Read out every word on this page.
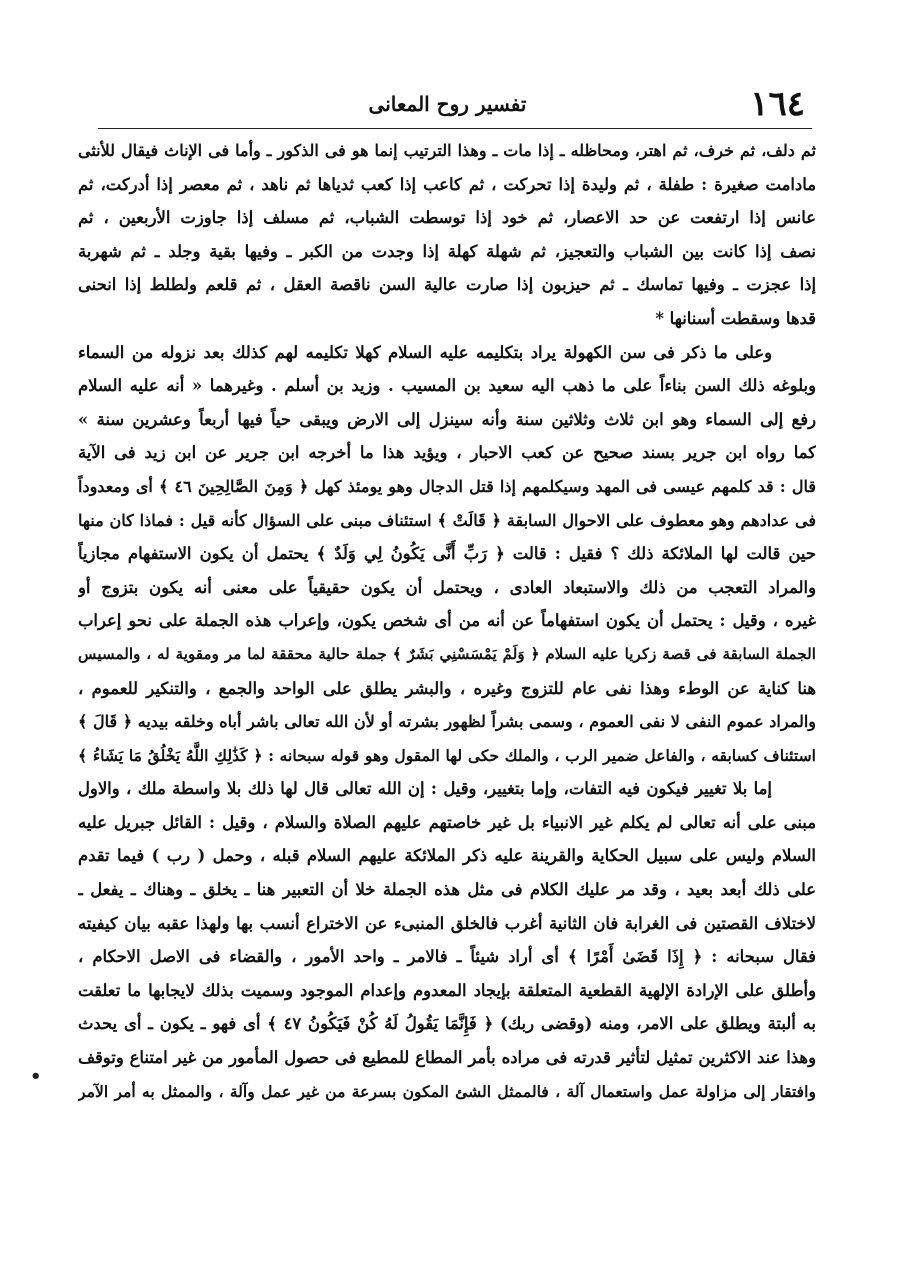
١٦٤
تفسير روح المعانى
ثم دلف، ثم خرف، ثم اهتر، ومحاظله ـ إذا مات ـ وهذا الترتيب إنما هو فى الذكور ـ وأما فى الإناث فيقال للأنثى
مادامت صغيرة : طفلة ، ثم وليدة إذا تحركت ، ثم كاعب إذا كعب ثدياها ثم ناهد ، ثم معصر إذا أدركت، ثم
عانس إذا ارتفعت عن حد الاعصار، ثم خود إذا توسطت الشباب، ثم مسلف إذا جاوزت الأربعين ، ثم
نصف إذا كانت بين الشباب والتعجيز، ثم شهلة كهلة إذا وجدت من الكبر ـ وفيها بقية وجلد ـ ثم شهربة
إذا عجزت ـ وفيها تماسك ـ ثم حيزبون إذا صارت عالية السن ناقصة العقل ، ثم قلعم ولطلط إذا انحنى
قدها وسقطت أسنانها *
وعلى ما ذكر فى سن الكهولة يراد بتكليمه عليه السلام كهلا تكليمه لهم كذلك بعد نزوله من السماء
وبلوغه ذلك السن بناءاً على ما ذهب اليه سعيد بن المسيب . وزيد بن أسلم . وغيرهما « أنه عليه السلام
رفع إلى السماء وهو ابن ثلاث وثلاثين سنة وأنه سينزل إلى الارض ويبقى حياً فيها أربعاً وعشرين سنة »
كما رواه ابن جرير بسند صحيح عن كعب الاحبار ، ويؤيد هذا ما أخرجه ابن جرير عن ابن زيد فى الآية
قال : قد كلمهم عيسى فى المهد وسيكلمهم إذا قتل الدجال وهو يومئذ كهل ﴿ وَمِنَ الصَّالِحِينَ ٤٦ ﴾ أى ومعدوداً
فى عدادهم وهو معطوف على الاحوال السابقة ﴿ قَالَتْ ﴾ استئناف مبنى على السؤال كأنه قيل : فماذا كان منها
حين قالت لها الملائكة ذلك ؟ فقيل : قالت ﴿ رَبِّ أَنَّى يَكُونُ لِي وَلَدٌ ﴾ يحتمل أن يكون الاستفهام مجازياً
والمراد التعجب من ذلك والاستبعاد العادى ، ويحتمل أن يكون حقيقياً على معنى أنه يكون بتزوج أو
غيره ، وقيل : يحتمل أن يكون استفهاماً عن أنه من أى شخص يكون، وإعراب هذه الجملة على نحو إعراب
الجملة السابقة فى قصة زكريا عليه السلام ﴿ وَلَمْ يَمْسَسْنِي بَشَرٌ ﴾ جملة حالية محققة لما مر ومقوية له ، والمسيس
هنا كناية عن الوطء وهذا نفى عام للتزوج وغيره ، والبشر يطلق على الواحد والجمع ، والتنكير للعموم ،
والمراد عموم النفى لا نفى العموم ، وسمى بشراً لظهور بشرته أو لأن الله تعالى باشر أباه وخلقه بيديه ﴿ قَالَ ﴾
استئناف كسابقه ، والفاعل ضمير الرب ، والملك حكى لها المقول وهو قوله سبحانه : ﴿ كَذَٰلِكِ اللَّهُ يَخْلُقُ مَا يَشَاءُ ﴾
إما بلا تغيير فيكون فيه التفات، وإما بتغيير، وقيل : إن الله تعالى قال لها ذلك بلا واسطة ملك ، والاول
مبنى على أنه تعالى لم يكلم غير الانبياء بل غير خاصتهم عليهم الصلاة والسلام ، وقيل : القائل جبريل عليه
السلام وليس على سبيل الحكاية والقرينة عليه ذكر الملائكة عليهم السلام قبله ، وحمل ( رب ) فيما تقدم
على ذلك أبعد بعيد ، وقد مر عليك الكلام فى مثل هذه الجملة خلا أن التعبير هنا ـ يخلق ـ وهناك ـ يفعل ـ
لاختلاف القصتين فى الغرابة فان الثانية أغرب فالخلق المنبىء عن الاختراع أنسب بها ولهذا عقبه بيان كيفيته
فقال سبحانه : ﴿ إِذَا قَضَىٰ أَمْرًا ﴾ أى أراد شيئاً ـ فالامر ـ واحد الأمور ، والقضاء فى الاصل الاحكام ،
وأطلق على الإرادة الإلهية القطعية المتعلقة بإيجاد المعدوم وإعدام الموجود وسميت بذلك لايجابها ما تعلقت
به ألبتة ويطلق على الامر، ومنه (وقضى ربك) ﴿ فَإِنَّمَا يَقُولُ لَهُ كُنْ فَيَكُونُ ٤٧ ﴾ أى فهو ـ يكون ـ أى يحدث
وهذا عند الاكثرين تمثيل لتأثير قدرته فى مراده بأمر المطاع للمطيع فى حصول المأمور من غير امتناع وتوقف
وافتقار إلى مزاولة عمل واستعمال آلة ، فالممثل الشئ المكون بسرعة من غير عمل وآلة ، والممثل به أمر الآمر
•
